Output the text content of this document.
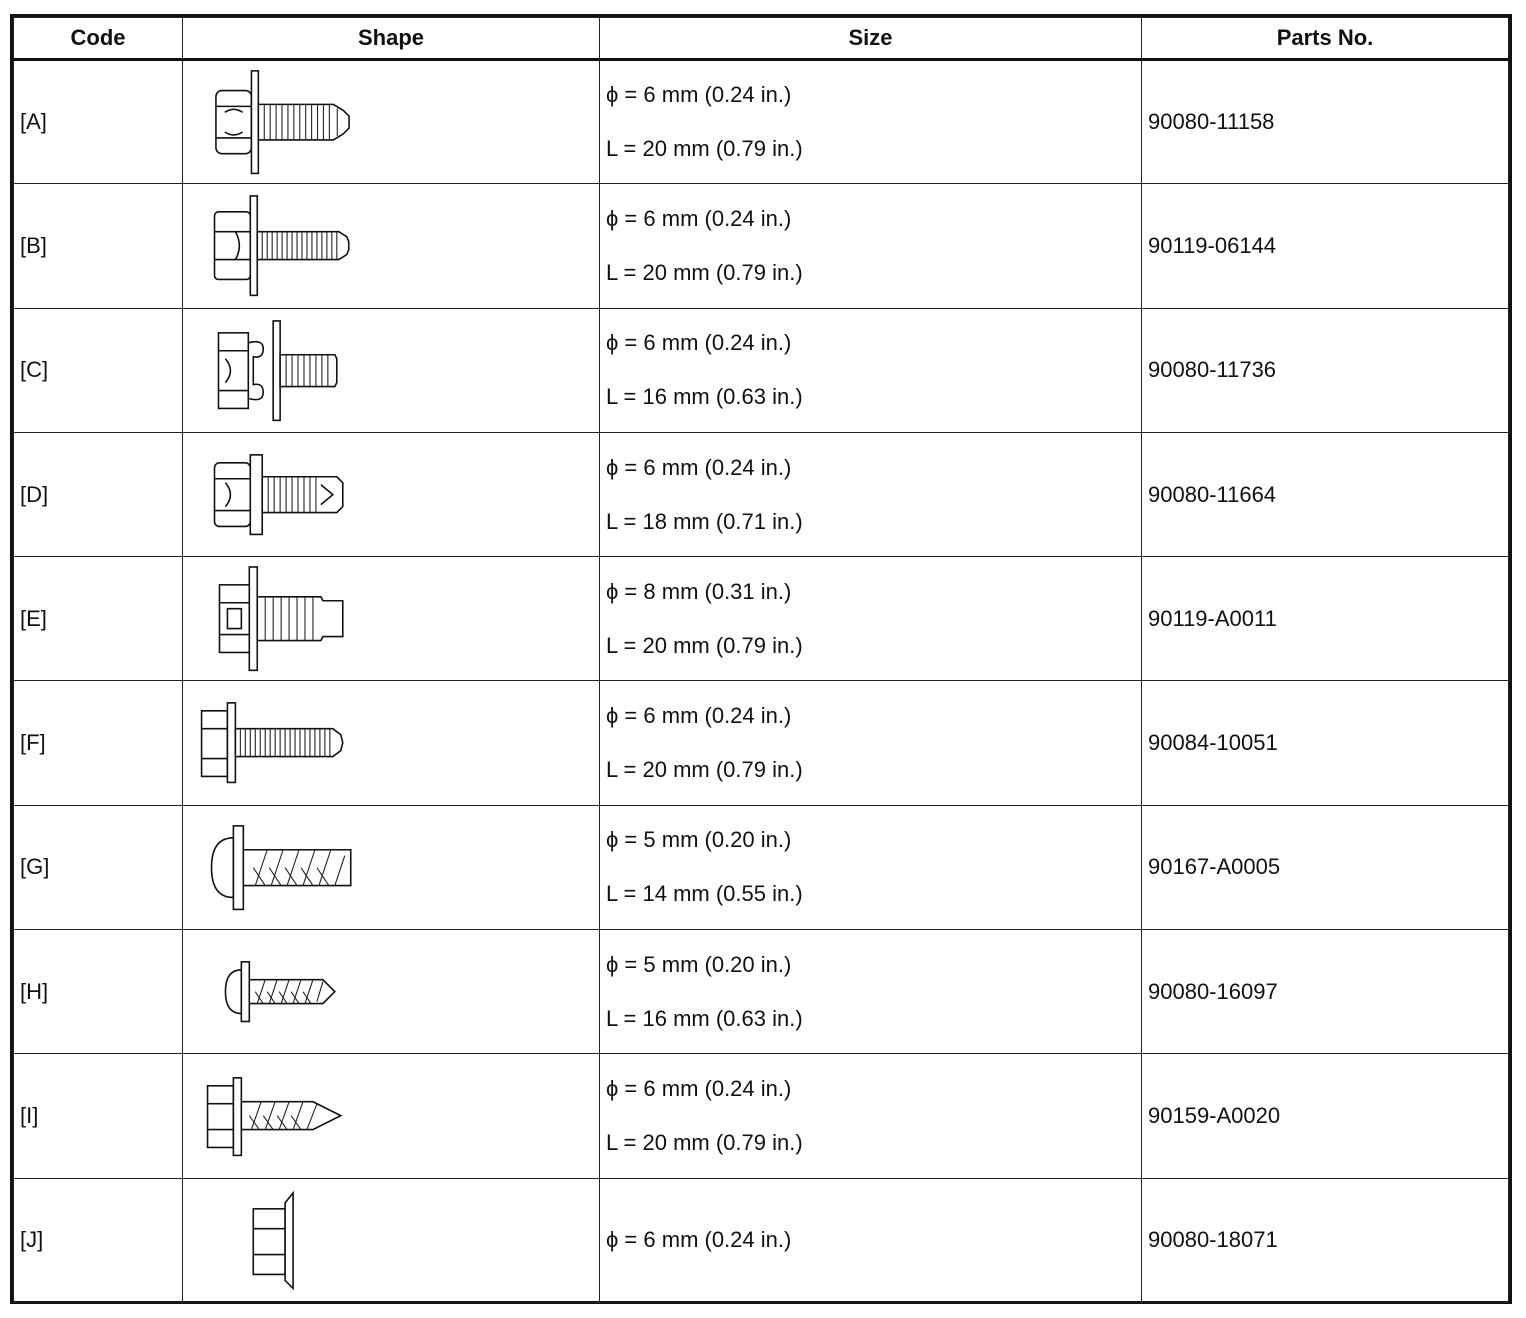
Code	Shape	Size	Parts No.
[A]		ϕ = 6 mm (0.24 in.)
L = 20 mm (0.79 in.)	90080-11158
[B]		ϕ = 6 mm (0.24 in.)
L = 20 mm (0.79 in.)	90119-06144
[C]		ϕ = 6 mm (0.24 in.)
L = 16 mm (0.63 in.)	90080-11736
[D]		ϕ = 6 mm (0.24 in.)
L = 18 mm (0.71 in.)	90080-11664
[E]		ϕ = 8 mm (0.31 in.)
L = 20 mm (0.79 in.)	90119-A0011
[F]		ϕ = 6 mm (0.24 in.)
L = 20 mm (0.79 in.)	90084-10051
[G]		ϕ = 5 mm (0.20 in.)
L = 14 mm (0.55 in.)	90167-A0005
[H]		ϕ = 5 mm (0.20 in.)
L = 16 mm (0.63 in.)	90080-16097
[I]		ϕ = 6 mm (0.24 in.)
L = 20 mm (0.79 in.)	90159-A0020
[J]		ϕ = 6 mm (0.24 in.)	90080-18071
